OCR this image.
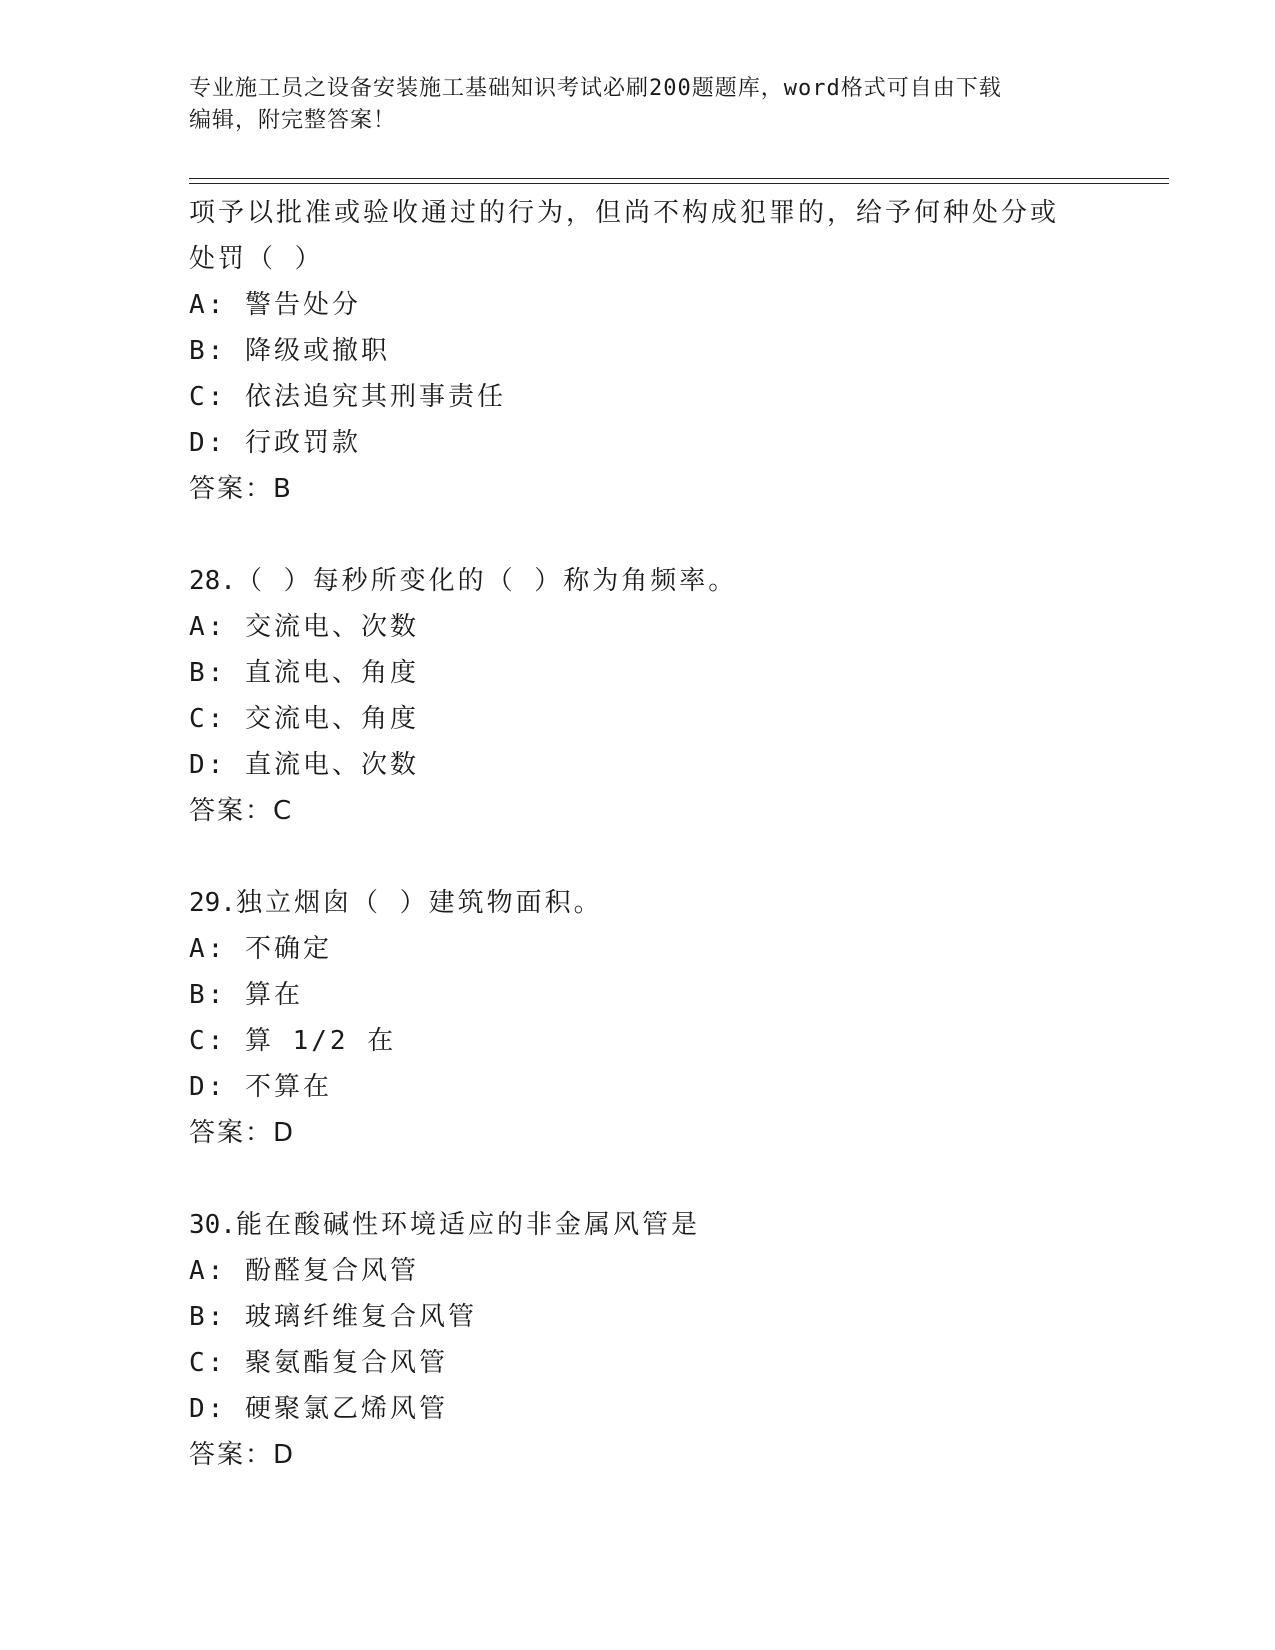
专业施工员之设备安装施工基础知识考试必刷200题题库，word格式可自由下载
编辑，附完整答案！
项予以批准或验收通过的行为，但尚不构成犯罪的，给予何种处分或
处罚（ ）
A: 警告处分
B: 降级或撤职
C: 依法追究其刑事责任
D: 行政罚款
答案：B
28.（ ）每秒所变化的（ ）称为角频率。
A: 交流电、次数
B: 直流电、角度
C: 交流电、角度
D: 直流电、次数
答案：C
29.独立烟囱（ ）建筑物面积。
A: 不确定
B: 算在
C: 算 1/2 在
D: 不算在
答案：D
30.能在酸碱性环境适应的非金属风管是
A: 酚醛复合风管
B: 玻璃纤维复合风管
C: 聚氨酯复合风管
D: 硬聚氯乙烯风管
答案：D
